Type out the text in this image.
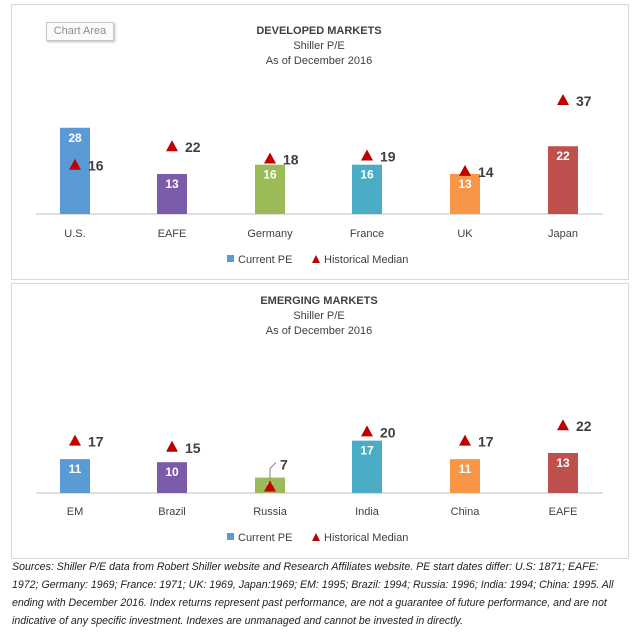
Chart Area	DEVELOPED MARKETS
Shiller P/E
As of December 2016
28
16
U.S.
13
22
EAFE
16
18
Germany
16
19
France
13
14
UK
22
37
Japan
Current PE	Historical Median
EMERGING MARKETS
Shiller P/E
As of December 2016
11
17
EM
10
15
Brazil
7
Russia
17
20
India
11
17
China
13
22
EAFE
Current PE	Historical Median
Sources: Shiller P/E data from Robert Shiller website and Research Affiliates website. PE start dates differ: U.S: 1871; EAFE: 1972; Germany: 1969; France: 1971; UK: 1969, Japan:1969; EM: 1995; Brazil: 1994; Russia: 1996; India: 1994; China: 1995. All ending with December 2016. Index returns represent past performance, are not a guarantee of future performance, and are not indicative of any specific investment. Indexes are unmanaged and cannot be invested in directly.
